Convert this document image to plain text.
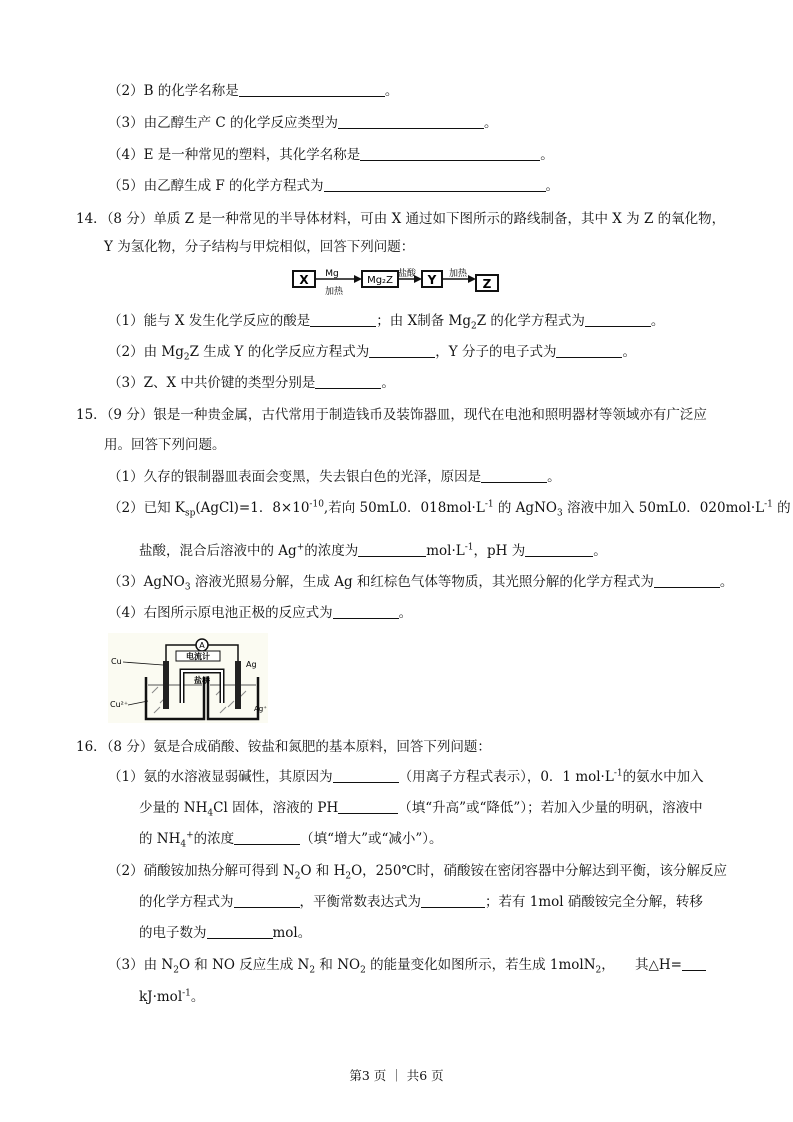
（2）B 的化学名称是	。
（3）由乙醇生产 C 的化学反应类型为	。
（4）E 是一种常见的塑料，其化学名称是	。
（5）由乙醇生成 F 的化学方程式为	。
14．（8 分）单质 Z 是一种常见的半导体材料，可由 X 通过如下图所示的路线制备，其中 X 为 Z 的氧化物，
Y 为氢化物，分子结构与甲烷相似，回答下列问题：
X Mg
加热
Mg₂Z
盐酸 Y 加热
Z
（1）能与 X 发生化学反应的酸是	；由 X制备 $Mg_2Z$ 的化学方程式为	。
（2）由 $Mg_2Z$ 生成 Y 的化学反应方程式为	，Y 分子的电子式为	。
（3）Z、X 中共价键的类型分别是	。
15．（9 分）银是一种贵金属，古代常用于制造钱币及装饰器皿，现代在电池和照明器材等领域亦有广泛应
用。回答下列问题。
（1）久存的银制器皿表面会变黑，失去银白色的光泽，原因是	。
（2）已知 $K_{sp}(AgCl)=1$．$8\times 10^{-10}$,若向 50mL0．$018mol\cdot L^{-1}$ 的 AgNO$_3$ 溶液中加入 50mL0．$020mol\cdot L^{-1}$ 的
盐酸，混合后溶液中的 Ag+的浓度为	$mol\cdot L^{-1}$，pH 为	。
（3）AgNO$_3$ 溶液光照易分解，生成 Ag 和红棕色气体等物质，其光照分解的化学方程式为	。
（4）右图所示原电池正极的反应式为	。
A
电流计
盐桥
Cu
Cu²⁺
Ag
Ag⁺
16．（8 分）氨是合成硝酸、铵盐和氮肥的基本原料，回答下列问题：
（1）氨的水溶液显弱碱性，其原因为	（用离子方程式表示），0．1 $mol\cdot L^{-1}$的氨水中加入
少量的 $NH_4Cl$ 固体，溶液的 PH	（填“升高”或“降低”）；若加入少量的明矾，溶液中
的 $NH_4^+$的浓度	（填“增大”或“减小”）。
（2）硝酸铵加热分解可得到 $N_2O$ 和 $H_2O$，250℃时，硝酸铵在密闭容器中分解达到平衡，该分解反应
的化学方程式为	，平衡常数表达式为	；若有 1mol 硝酸铵完全分解，转移
的电子数为	mol。
（3）由 $N_2O$ 和 NO 反应生成 $N_2$ 和 $NO_2$ 的能量变化如图所示，若生成 1molN$_2$，　　其△H=
kJ·mol$^{-1}$。
第3 页 ｜ 共6 页
